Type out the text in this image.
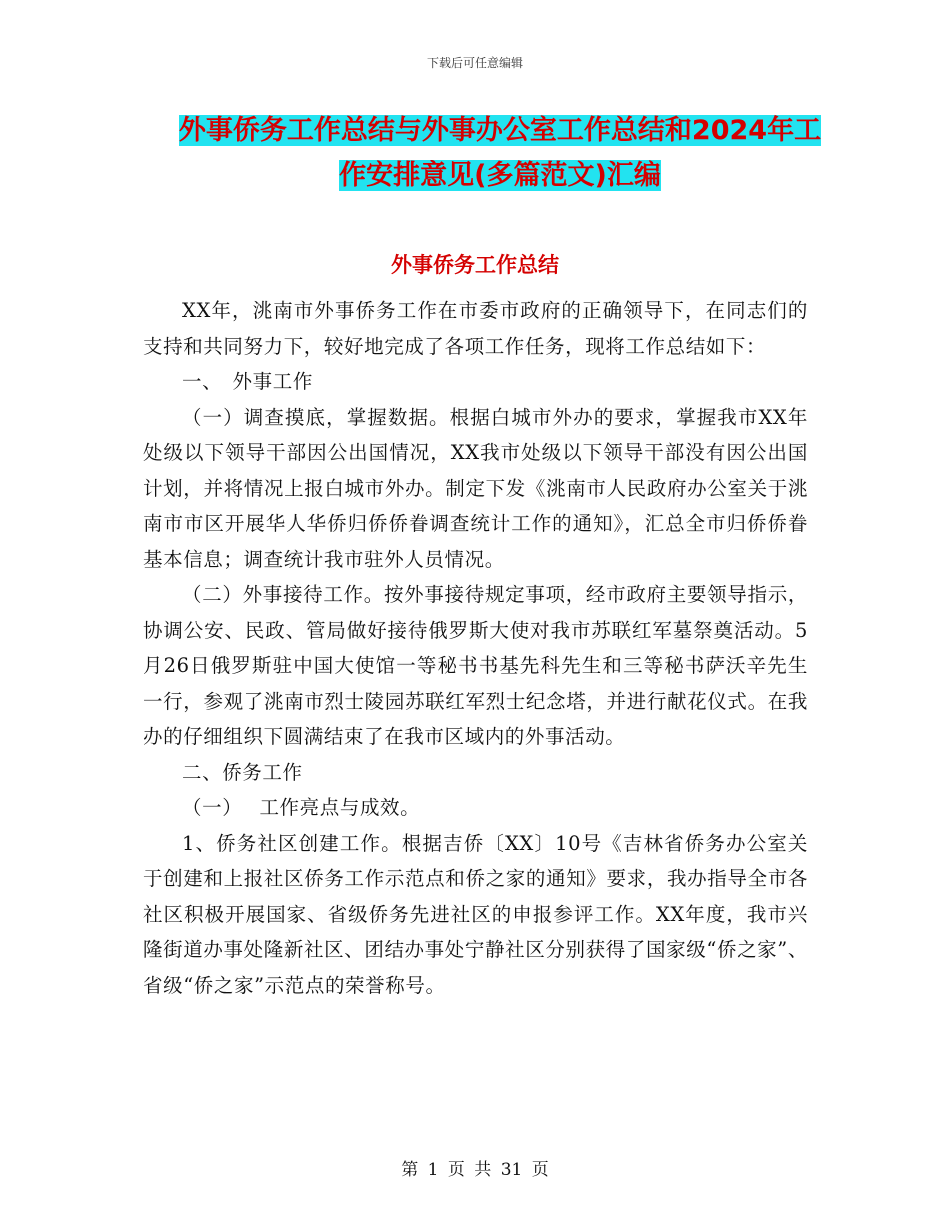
下载后可任意编辑
外事侨务工作总结与外事办公室工作总结和2024年工
作安排意见(多篇范文)汇编
外事侨务工作总结

XX年，洮南市外事侨务工作在市委市政府的正确领导下，在同志们的支持和共同努力下，较好地完成了各项工作任务，现将工作总结如下：

一、　外事工作

（一）调查摸底，掌握数据。根据白城市外办的要求，掌握我市XX年处级以下领导干部因公出国情况，XX我市处级以下领导干部没有因公出国计划，并将情况上报白城市外办。制定下发《洮南市人民政府办公室关于洮南市市区开展华人华侨归侨侨眷调查统计工作的通知》，汇总全市归侨侨眷基本信息；调查统计我市驻外人员情况。

（二）外事接待工作。按外事接待规定事项，经市政府主要领导指示，协调公安、民政、管局做好接待俄罗斯大使对我市苏联红军墓祭奠活动。5月26日俄罗斯驻中国大使馆一等秘书书基先科先生和三等秘书萨沃辛先生一行，参观了洮南市烈士陵园苏联红军烈士纪念塔，并进行献花仪式。在我办的仔细组织下圆满结束了在我市区域内的外事活动。

二、侨务工作

（一）　 工作亮点与成效。

1、侨务社区创建工作。根据吉侨〔XX〕10号《吉林省侨务办公室关于创建和上报社区侨务工作示范点和侨之家的通知》要求，我办指导全市各社区积极开展国家、省级侨务先进社区的申报参评工作。XX年度，我市兴隆街道办事处隆新社区、团结办事处宁静社区分别获得了国家级“侨之家”、省级“侨之家”示范点的荣誉称号。

第 1 页 共 31 页
